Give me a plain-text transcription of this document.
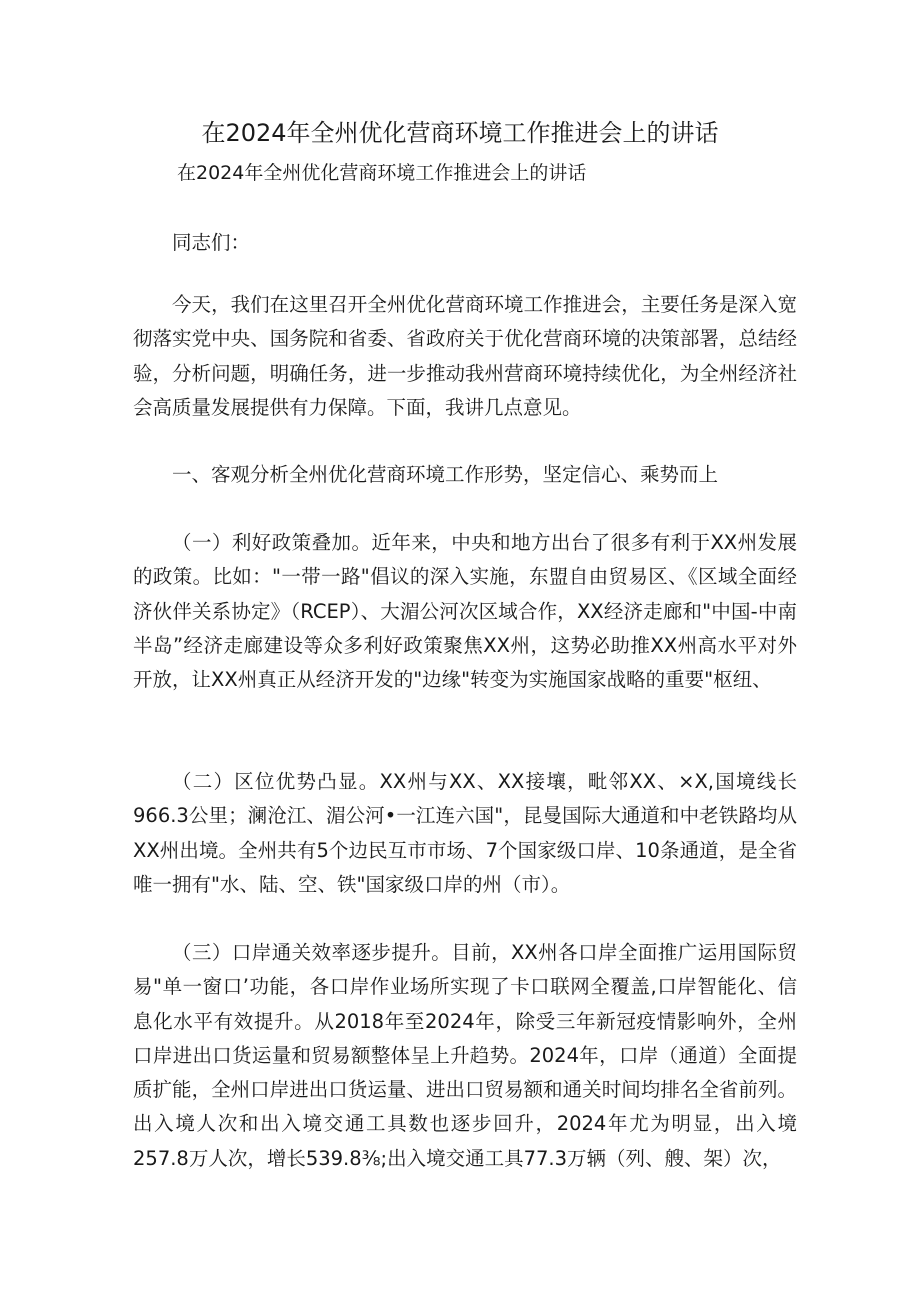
在2024年全州优化营商环境工作推进会上的讲话

在2024年全州优化营商环境工作推进会上的讲话

同志们：

今天，我们在这里召开全州优化营商环境工作推进会，主要任务是深入宽彻落实党中央、国务院和省委、省政府关于优化营商环境的决策部署，总结经验，分析问题，明确任务，进一步推动我州营商环境持续优化，为全州经济社会高质量发展提供有力保障。下面，我讲几点意见。

一、客观分析全州优化营商环境工作形势，坚定信心、乘势而上

（一）利好政策叠加。近年来，中央和地方出台了很多有利于XX州发展的政策。比如："一带一路"倡议的深入实施，东盟自由贸易区、《区域全面经济伙伴关系协定》（RCEP）、大湄公河次区域合作，XX经济走廊和"中国-中南半岛”经济走廊建设等众多利好政策聚焦XX州，这势必助推XX州高水平对外开放，让XX州真正从经济开发的"边缘"转变为实施国家战略的重要"枢纽、

（二）区位优势凸显。XX州与XX、XX接壤，毗邻XX、×X,国境线长966.3公里；澜沧江、湄公河•一江连六国"，昆曼国际大通道和中老铁路均从XX州出境。全州共有5个边民互市市场、7个国家级口岸、10条通道，是全省唯一拥有"水、陆、空、铁"国家级口岸的州（市）。

（三）口岸通关效率逐步提升。目前，XX州各口岸全面推广运用国际贸易"单一窗口’功能，各口岸作业场所实现了卡口联网全覆盖,口岸智能化、信息化水平有效提升。从2018年至2024年，除受三年新冠疫情影响外，全州口岸进出口货运量和贸易额整体呈上升趋势。2024年，口岸（通道）全面提质扩能，全州口岸进出口货运量、进出口贸易额和通关时间均排名全省前列。出入境人次和出入境交通工具数也逐步回升，2024年尤为明显，出入境257.8万人次，增长539.8⅜;出入境交通工具77.3万辆（列、艘、架）次，
